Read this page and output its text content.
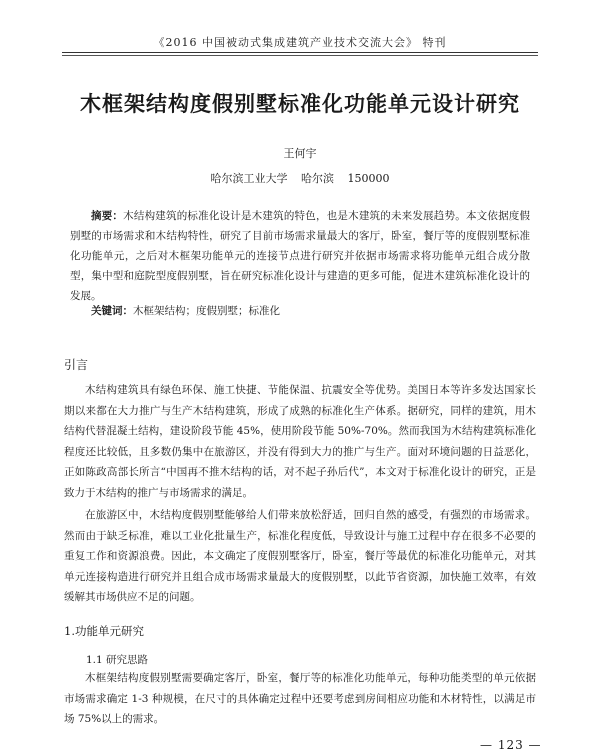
《2016 中国被动式集成建筑产业技术交流大会》 特刊
木框架结构度假别墅标准化功能单元设计研究
王何宇
哈尔滨工业大学 哈尔滨 150000
摘要：木结构建筑的标准化设计是木建筑的特色，也是木建筑的未来发展趋势。本文依据度假别墅的市场需求和木结构特性，研究了目前市场需求量最大的客厅，卧室，餐厅等的度假别墅标准化功能单元，之后对木框架功能单元的连接节点进行研究并依据市场需求将功能单元组合成分散型，集中型和庭院型度假别墅，旨在研究标准化设计与建造的更多可能，促进木建筑标准化设计的发展。
关键词：木框架结构；度假别墅；标准化
引言
木结构建筑具有绿色环保、施工快捷、节能保温、抗震安全等优势。美国日本等许多发达国家长期以来都在大力推广与生产木结构建筑，形成了成熟的标准化生产体系。据研究，同样的建筑，用木结构代替混凝土结构，建设阶段节能 45%，使用阶段节能 50%-70%。然而我国为木结构建筑标准化程度还比较低，且多数仍集中在旅游区，并没有得到大力的推广与生产。面对环境问题的日益恶化，正如陈政高部长所言“中国再不推木结构的话，对不起子孙后代”，本文对于标准化设计的研究，正是致力于木结构的推广与市场需求的满足。
在旅游区中，木结构度假别墅能够给人们带来放松舒适，回归自然的感受，有强烈的市场需求。然而由于缺乏标准，难以工业化批量生产，标准化程度低，导致设计与施工过程中存在很多不必要的重复工作和资源浪费。因此，本文确定了度假别墅客厅，卧室，餐厅等最优的标准化功能单元，对其单元连接构造进行研究并且组合成市场需求量最大的度假别墅，以此节省资源，加快施工效率，有效缓解其市场供应不足的问题。
1.功能单元研究
1.1 研究思路
木框架结构度假别墅需要确定客厅，卧室，餐厅等的标准化功能单元，每种功能类型的单元依据市场需求确定 1-3 种规模，在尺寸的具体确定过程中还要考虑到房间相应功能和木材特性，以满足市场 75%以上的需求。
— 123 —
